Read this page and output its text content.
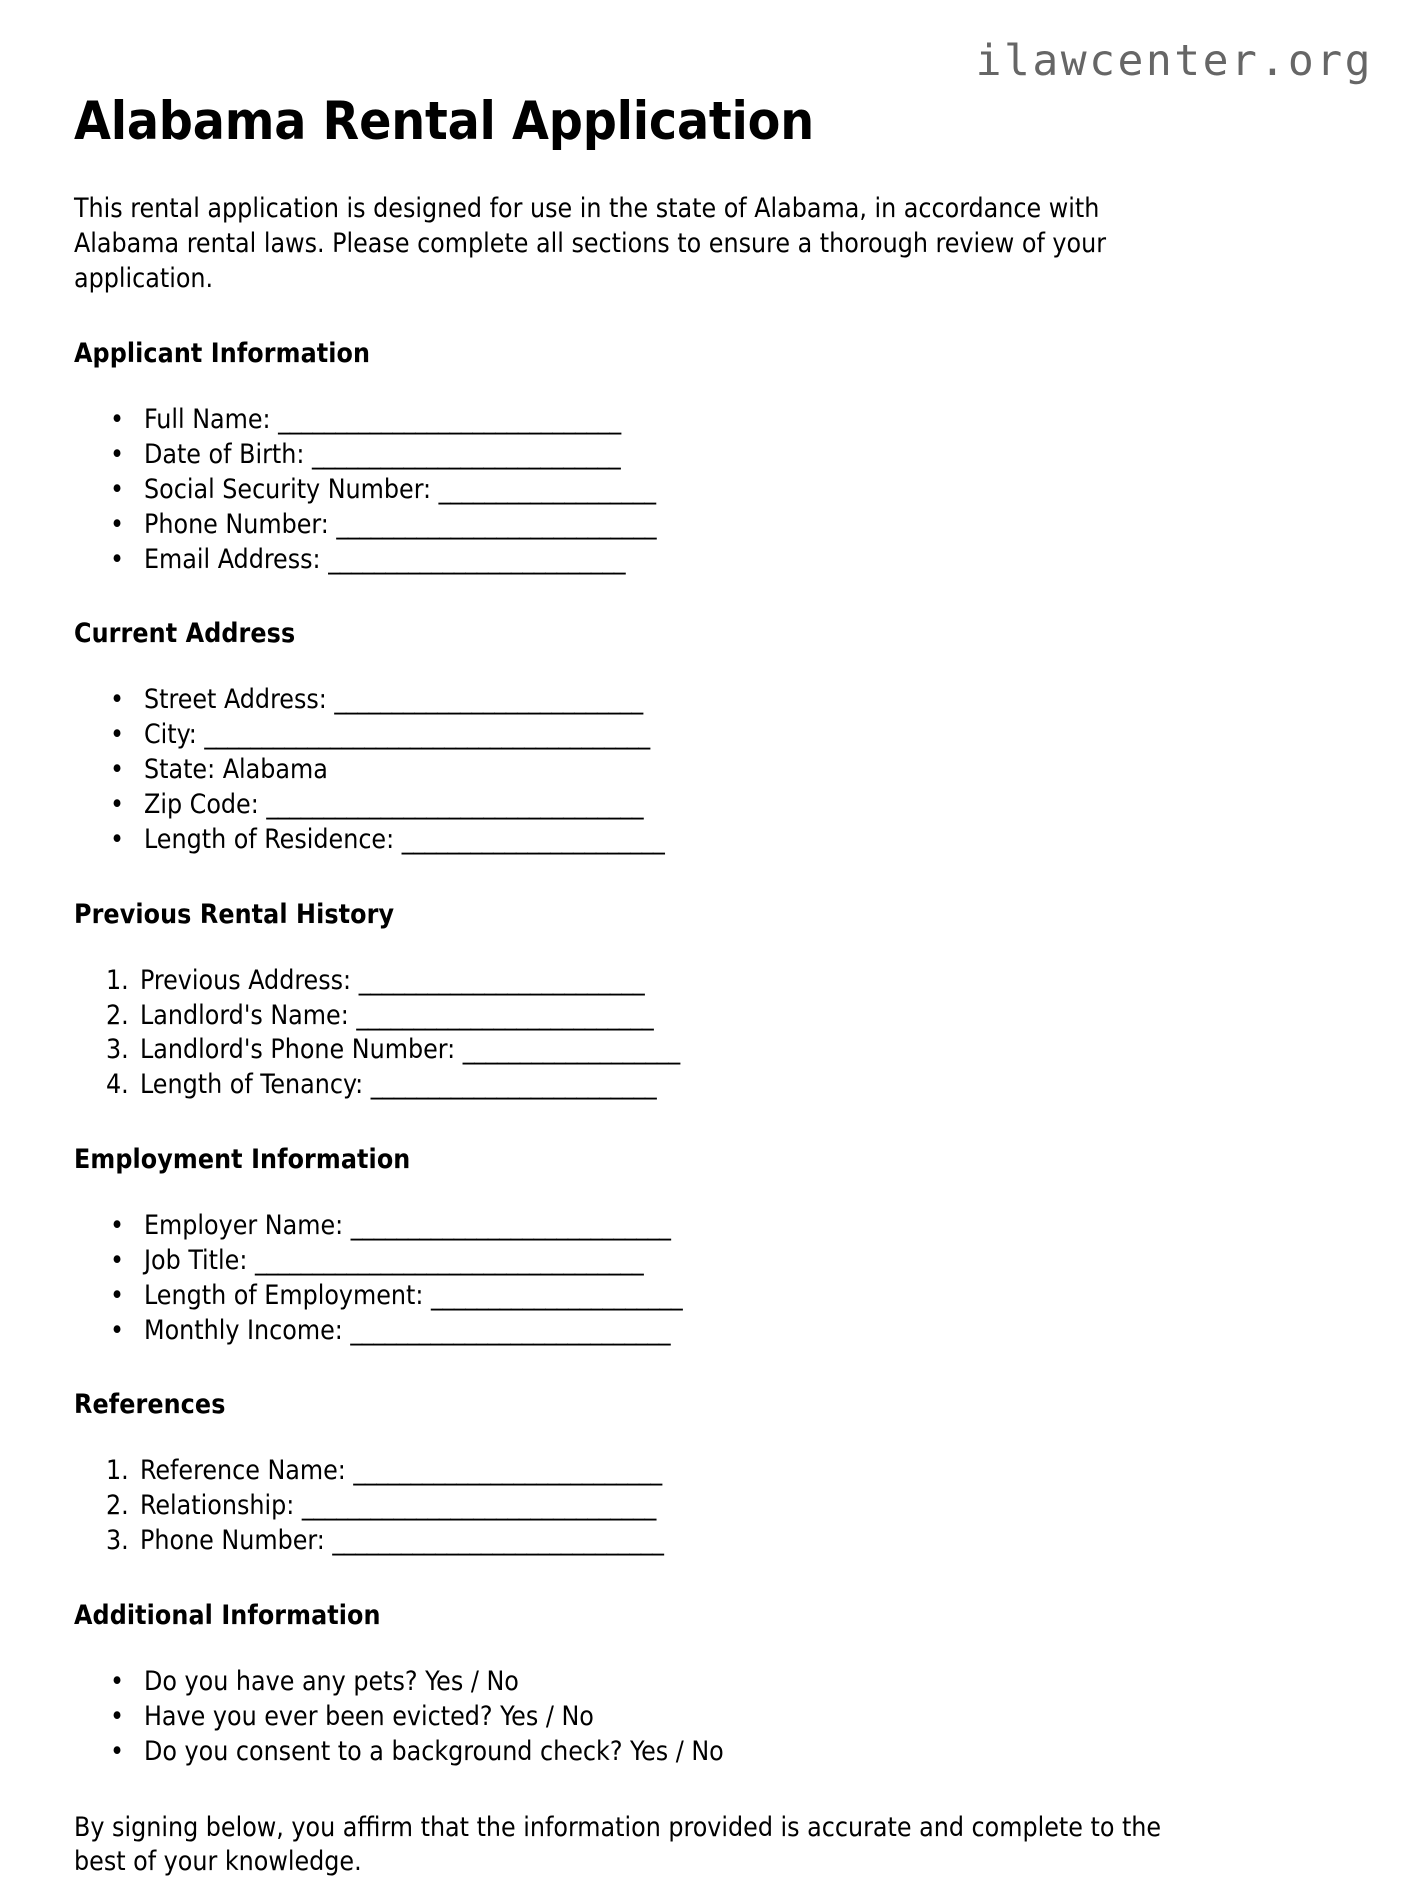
ilawcenter.org
Alabama Rental Application

This rental application is designed for use in the state of Alabama, in accordance with Alabama rental laws. Please complete all sections to ensure a thorough review of your application.

Applicant Information
• Full Name: ______________________________
• Date of Birth: ___________________________
• Social Security Number: ___________________
• Phone Number: ____________________________
• Email Address: __________________________
Current Address
• Street Address: ___________________________
• City: _______________________________________
• State: Alabama
• Zip Code: _________________________________
• Length of Residence: _______________________
Previous Rental History
1. Previous Address: _________________________
2. Landlord's Name: __________________________
3. Landlord's Phone Number: ___________________
4. Length of Tenancy: _________________________
Employment Information
• Employer Name: ____________________________
• Job Title: __________________________________
• Length of Employment: ______________________
• Monthly Income: ____________________________
References
1. Reference Name: ___________________________
2. Relationship: _______________________________
3. Phone Number: _____________________________
Additional Information
• Do you have any pets? Yes / No
• Have you ever been evicted? Yes / No
• Do you consent to a background check? Yes / No

By signing below, you affirm that the information provided is accurate and complete to the best of your knowledge.
